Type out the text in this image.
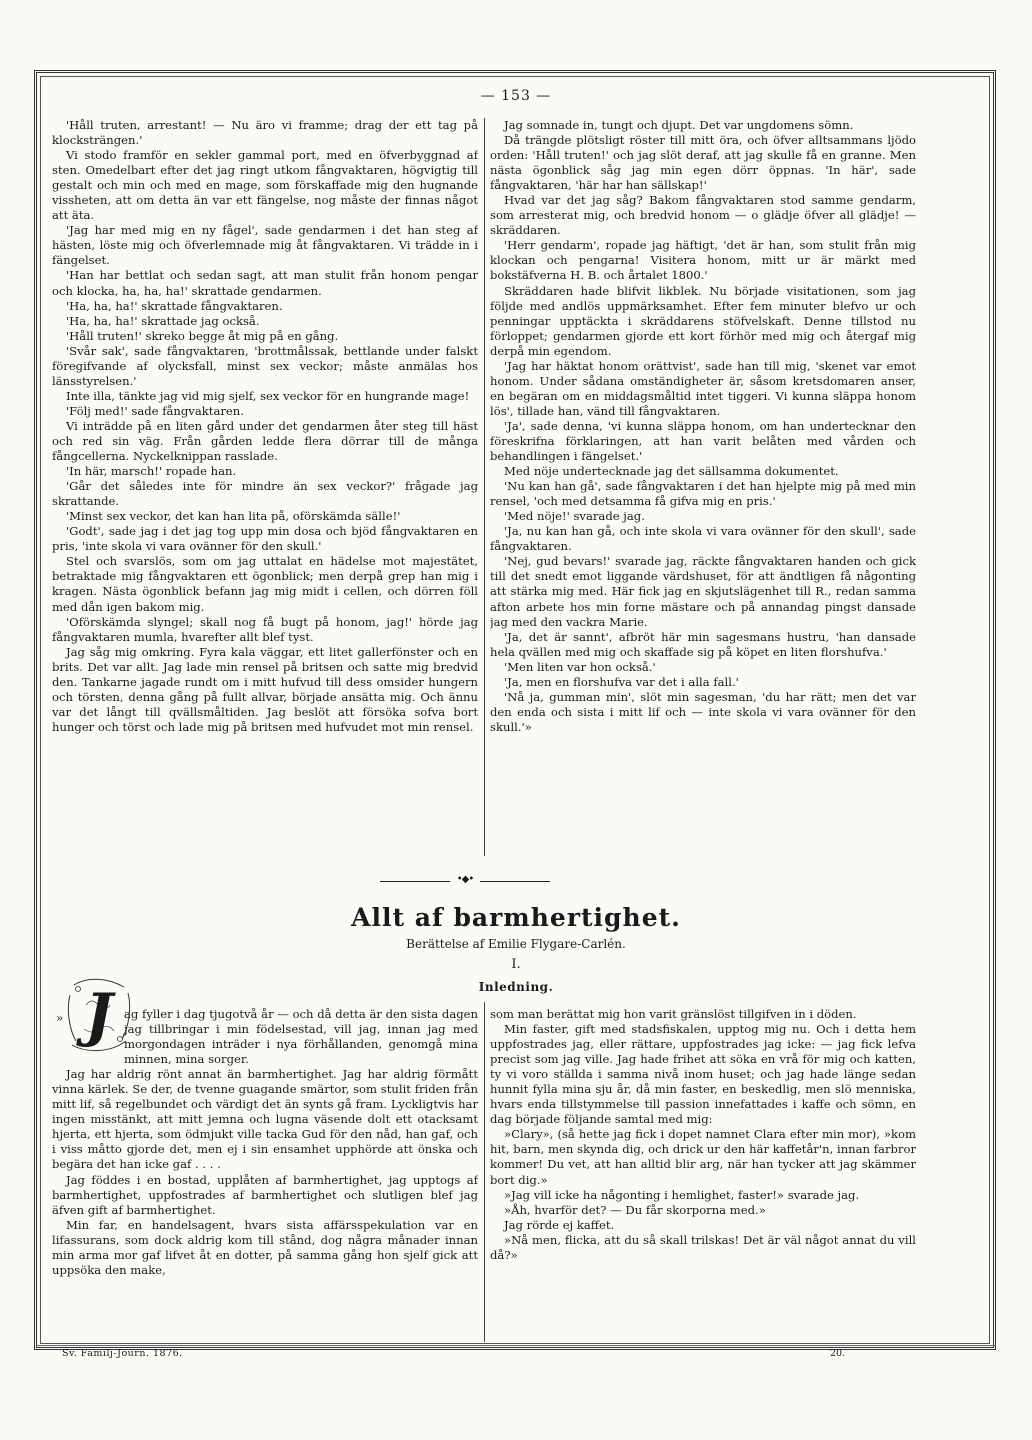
— 153 —

'Håll truten, arrestant! — Nu äro vi framme; drag der ett tag på klocksträngen.'

Vi stodo framför en sekler gammal port, med en öfverbyggnad af sten. Omedelbart efter det jag ringt utkom fångvaktaren, högvigtig till gestalt och min och med en mage, som förskaffade mig den hugnande vissheten, att om detta än var ett fängelse, nog måste der finnas något att äta.

'Jag har med mig en ny fågel', sade gendarmen i det han steg af hästen, löste mig och öfverlemnade mig åt fångvaktaren. Vi trädde in i fängelset.

'Han har bettlat och sedan sagt, att man stulit från honom pengar och klocka, ha, ha, ha!' skrattade gendarmen.

'Ha, ha, ha!' skrattade fångvaktaren.

'Ha, ha, ha!' skrattade jag också.

'Håll truten!' skreko begge åt mig på en gång.

'Svår sak', sade fångvaktaren, 'brottmålssak, bettlande under falskt föregifvande af olycksfall, minst sex veckor; måste anmälas hos länsstyrelsen.'

Inte illa, tänkte jag vid mig sjelf, sex veckor för en hungrande mage!

'Följ med!' sade fångvaktaren.

Vi inträdde på en liten gård under det gendarmen åter steg till häst och red sin väg. Från gården ledde flera dörrar till de många fångcellerna. Nyckelknippan rasslade.

'In här, marsch!' ropade han.

'Går det således inte för mindre än sex veckor?' frågade jag skrattande.

'Minst sex veckor, det kan han lita på, oförskämda sälle!'

'Godt', sade jag i det jag tog upp min dosa och bjöd fångvaktaren en pris, 'inte skola vi vara ovänner för den skull.'

Stel och svarslös, som om jag uttalat en hädelse mot majestätet, betraktade mig fångvaktaren ett ögonblick; men derpå grep han mig i kragen. Nästa ögonblick befann jag mig midt i cellen, och dörren föll med dån igen bakom mig.

'Oförskämda slyngel; skall nog få bugt på honom, jag!' hörde jag fångvaktaren mumla, hvarefter allt blef tyst.

Jag såg mig omkring. Fyra kala väggar, ett litet gallerfönster och en brits. Det var allt. Jag lade min rensel på britsen och satte mig bredvid den. Tankarne jagade rundt om i mitt hufvud till dess omsider hungern och törsten, denna gång på fullt allvar, började ansätta mig. Och ännu var det långt till qvällsmåltiden. Jag beslöt att försöka sofva bort hunger och törst och lade mig på britsen med hufvudet mot min rensel.

Jag somnade in, tungt och djupt. Det var ungdomens sömn.

Då trängde plötsligt röster till mitt öra, och öfver alltsammans ljödo orden: 'Håll truten!' och jag slöt deraf, att jag skulle få en granne. Men nästa ögonblick såg jag min egen dörr öppnas. 'In här', sade fångvaktaren, 'här har han sällskap!'

Hvad var det jag såg? Bakom fångvaktaren stod samme gendarm, som arresterat mig, och bredvid honom — o glädje öfver all glädje! — skräddaren.

'Herr gendarm', ropade jag häftigt, 'det är han, som stulit från mig klockan och pengarna! Visitera honom, mitt ur är märkt med bokstäfverna H. B. och årtalet 1800.'

Skräddaren hade blifvit likblek. Nu började visitationen, som jag följde med andlös uppmärksamhet. Efter fem minuter blefvo ur och penningar upptäckta i skräddarens stöfvelskaft. Denne tillstod nu förloppet; gendarmen gjorde ett kort förhör med mig och återgaf mig derpå min egendom.

'Jag har häktat honom orättvist', sade han till mig, 'skenet var emot honom. Under sådana omständigheter är, såsom kretsdomaren anser, en begäran om en middagsmåltid intet tiggeri. Vi kunna släppa honom lös', tillade han, vänd till fångvaktaren.

'Ja', sade denna, 'vi kunna släppa honom, om han undertecknar den föreskrifna förklaringen, att han varit belåten med vården och behandlingen i fängelset.'

Med nöje undertecknade jag det sällsamma dokumentet.

'Nu kan han gå', sade fångvaktaren i det han hjelpte mig på med min rensel, 'och med detsamma få gifva mig en pris.'

'Med nöje!' svarade jag.

'Ja, nu kan han gå, och inte skola vi vara ovänner för den skull', sade fångvaktaren.

'Nej, gud bevars!' svarade jag, räckte fångvaktaren handen och gick till det snedt emot liggande värdshuset, för att ändtligen få någonting att stärka mig med. Här fick jag en skjutslägenhet till R., redan samma afton arbete hos min forne mästare och på annandag pingst dansade jag med den vackra Marie.

'Ja, det är sannt', afbröt här min sagesmans hustru, 'han dansade hela qvällen med mig och skaffade sig på köpet en liten florshufva.'

'Men liten var hon också.'

'Ja, men en florshufva var det i alla fall.'

'Nå ja, gumman min', slöt min sagesman, 'du har rätt; men det var den enda och sista i mitt lif och — inte skola vi vara ovänner för den skull.'»

•◆•
Allt af barmhertighet.
Berättelse af Emilie Flygare-Carlén.
I.
Inledning.
» J ag fyller i dag tjugotvå år — och då detta är den sista dagen jag tillbringar i min födelsestad, vill jag, innan jag med morgondagen inträder i nya förhållanden, genomgå mina minnen, mina sorger.

Jag har aldrig rönt annat än barmhertighet. Jag har aldrig förmått vinna kärlek. Se der, de tvenne guagande smärtor, som stulit friden från mitt lif, så regelbundet och värdigt det än synts gå fram. Lyckligtvis har ingen misstänkt, att mitt jemna och lugna väsende dolt ett otacksamt hjerta, ett hjerta, som ödmjukt ville tacka Gud för den nåd, han gaf, och i viss måtto gjorde det, men ej i sin ensamhet upphörde att önska och begära det han icke gaf . . . .

Jag föddes i en bostad, upplåten af barmhertighet, jag upptogs af barmhertighet, uppfostrades af barmhertighet och slutligen blef jag äfven gift af barmhertighet.

Min far, en handelsagent, hvars sista affärsspekulation var en lifassurans, som dock aldrig kom till stånd, dog några månader innan min arma mor gaf lifvet åt en dotter, på samma gång hon sjelf gick att uppsöka den make,

som man berättat mig hon varit gränslöst tillgifven in i döden.

Min faster, gift med stadsfiskalen, upptog mig nu. Och i detta hem uppfostrades jag, eller rättare, uppfostrades jag icke: — jag fick lefva precist som jag ville. Jag hade frihet att söka en vrå för mig och katten, ty vi voro ställda i samma nivå inom huset; och jag hade länge sedan hunnit fylla mina sju år, då min faster, en beskedlig, men slö menniska, hvars enda tillstymmelse till passion innefattades i kaffe och sömn, en dag började följande samtal med mig:

»Clary», (så hette jag fick i dopet namnet Clara efter min mor), »kom hit, barn, men skynda dig, och drick ur den här kaffetår'n, innan farbror kommer! Du vet, att han alltid blir arg, när han tycker att jag skämmer bort dig.»

»Jag vill icke ha någonting i hemlighet, faster!» svarade jag.

»Åh, hvarför det? — Du får skorporna med.»

Jag rörde ej kaffet.

»Nå men, flicka, att du så skall trilskas! Det är väl något annat du vill då?»

Sv. Familj-Journ. 1876.	20.
